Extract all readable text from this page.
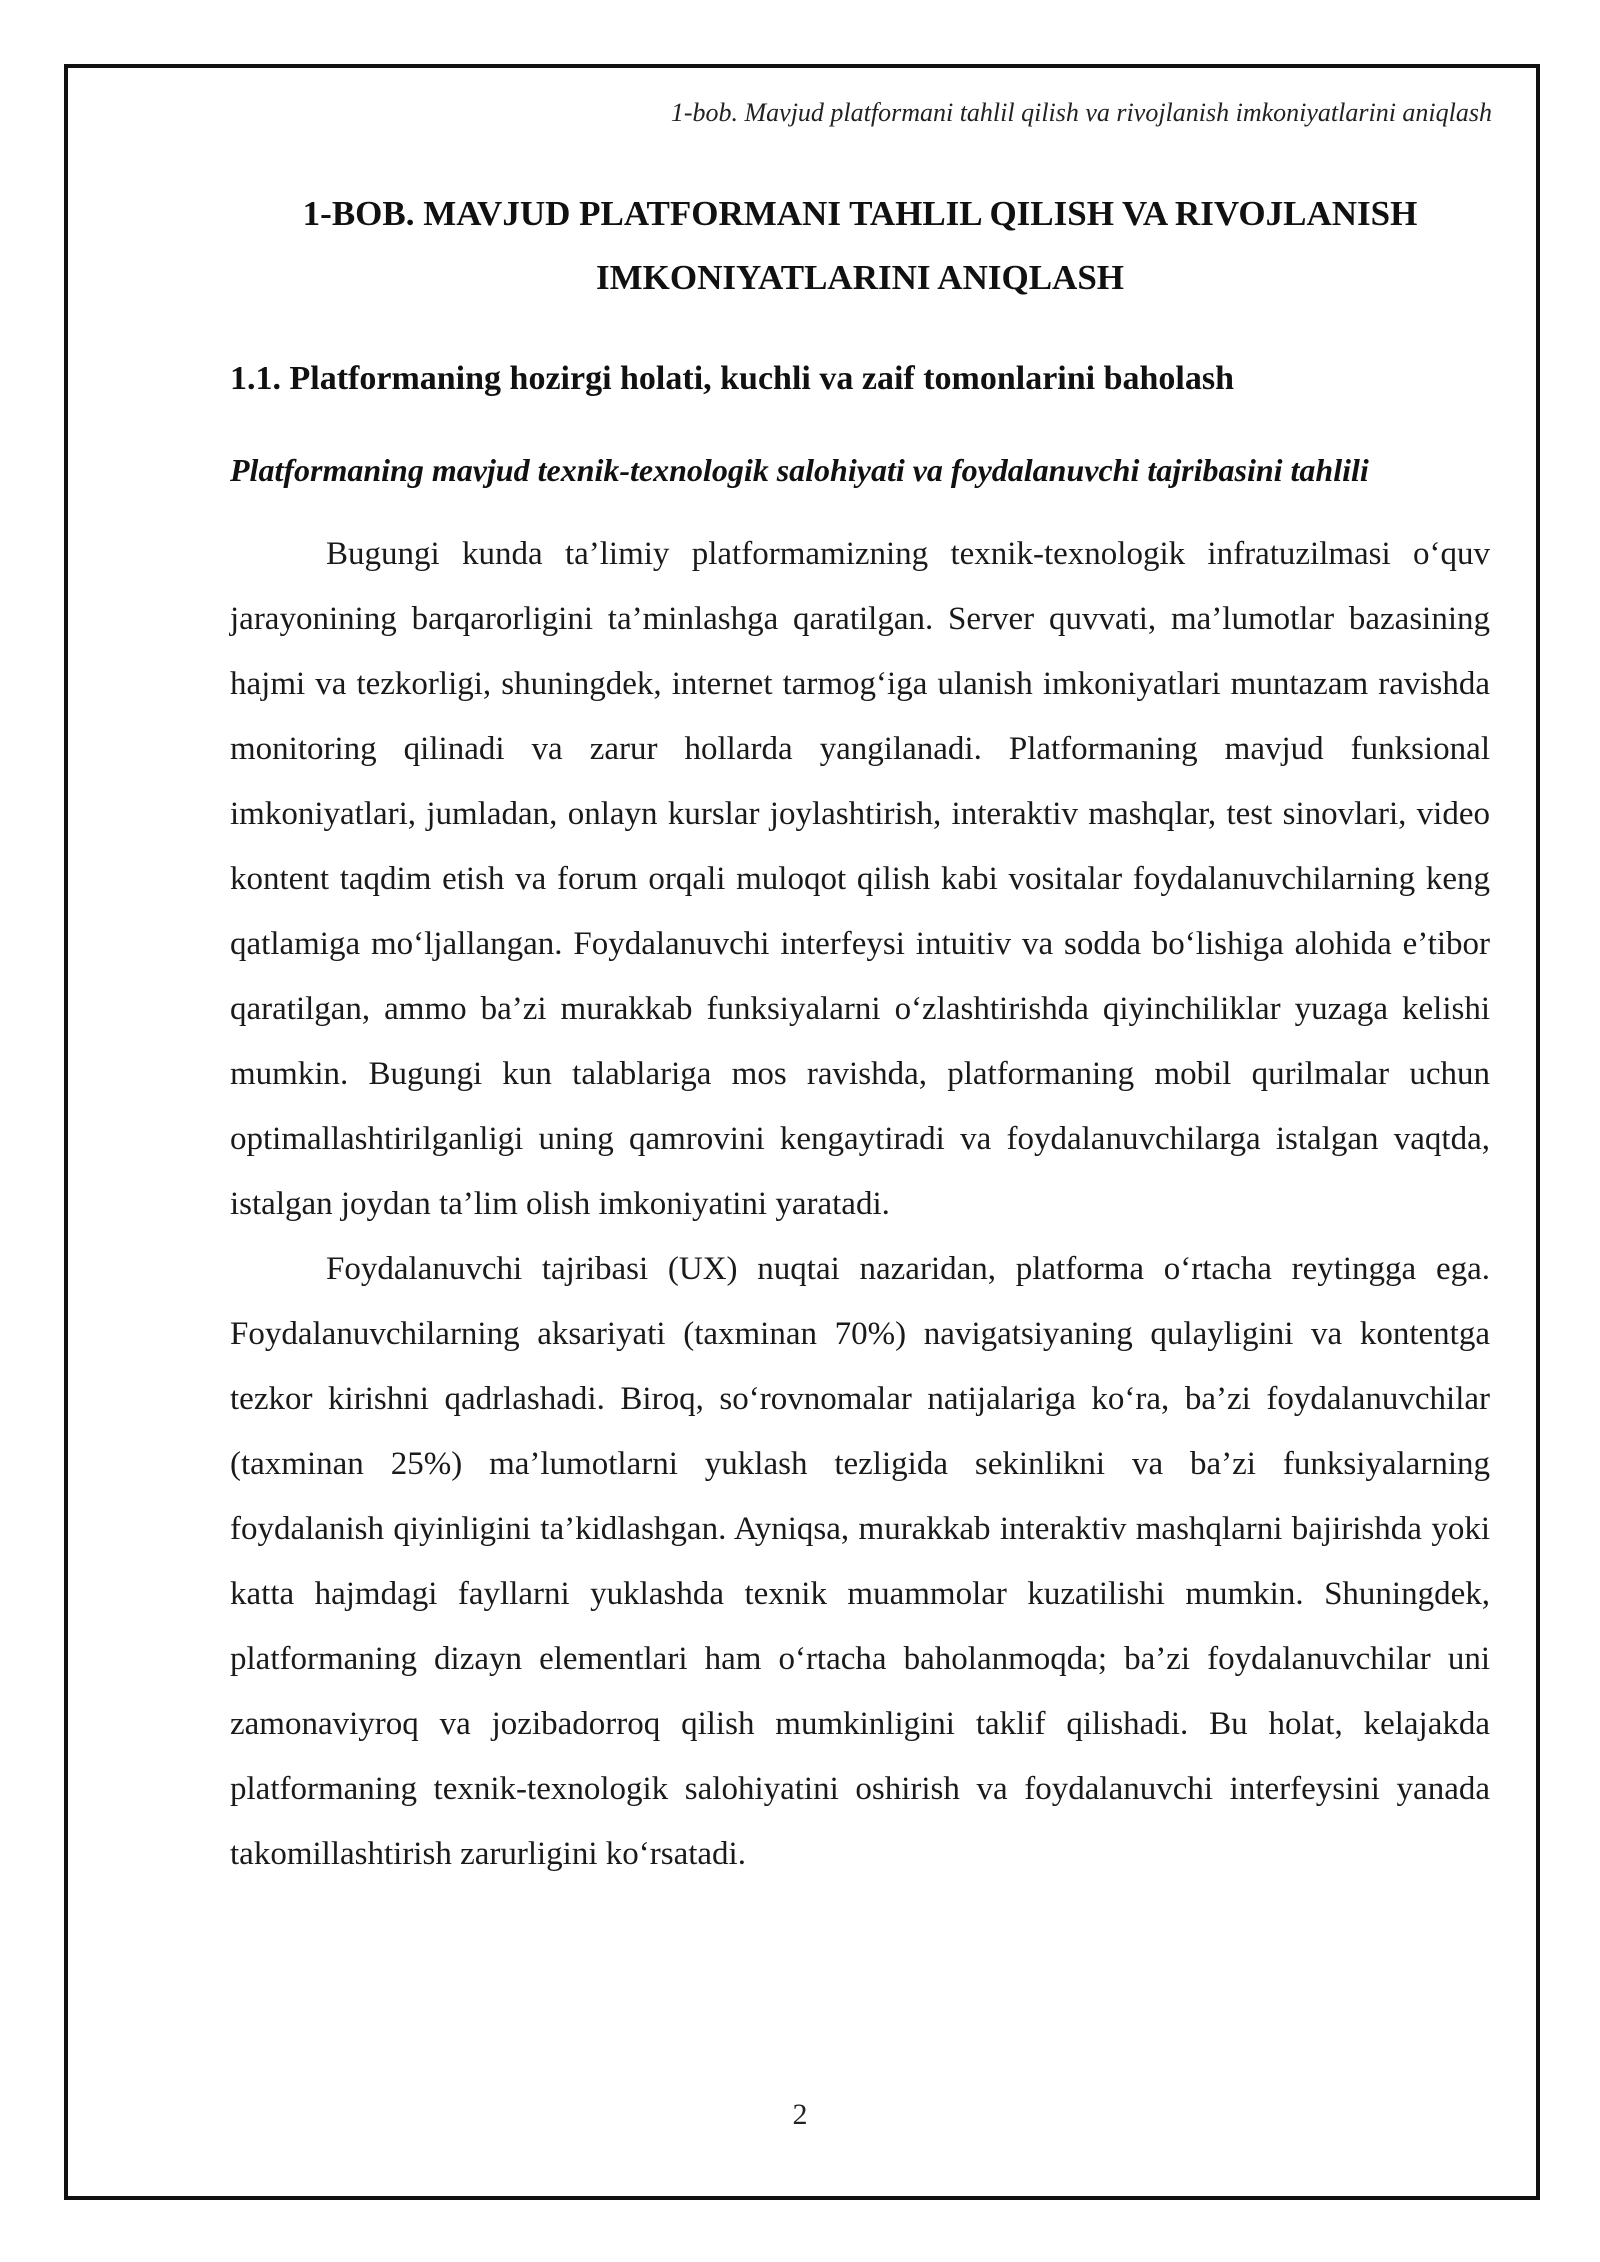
1-bob. Mavjud platformani tahlil qilish va rivojlanish imkoniyatlarini aniqlash
1-BOB. MAVJUD PLATFORMANI TAHLIL QILISH VA RIVOJLANISH
IMKONIYATLARINI ANIQLASH
1.1. Platformaning hozirgi holati, kuchli va zaif tomonlarini baholash
Platformaning mavjud texnik-texnologik salohiyati va foydalanuvchi tajribasini tahlili

Bugungi kunda ta’limiy platformamizning texnik-texnologik infratuzilmasi o‘quv jarayonining barqarorligini ta’minlashga qaratilgan. Server quvvati, ma’lumotlar bazasining hajmi va tezkorligi, shuningdek, internet tarmog‘iga ulanish imkoniyatlari muntazam ravishda monitoring qilinadi va zarur hollarda yangilanadi. Platformaning mavjud funksional imkoniyatlari, jumladan, onlayn kurslar joylashtirish, interaktiv mashqlar, test sinovlari, video kontent taqdim etish va forum orqali muloqot qilish kabi vositalar foydalanuvchilarning keng qatlamiga mo‘ljallangan. Foydalanuvchi interfeysi intuitiv va sodda bo‘lishiga alohida e’tibor qaratilgan, ammo ba’zi murakkab funksiyalarni o‘zlashtirishda qiyinchiliklar yuzaga kelishi mumkin. Bugungi kun talablariga mos ravishda, platformaning mobil qurilmalar uchun optimallashtirilganligi uning qamrovini kengaytiradi va foydalanuvchilarga istalgan vaqtda, istalgan joydan ta’lim olish imkoniyatini yaratadi.

Foydalanuvchi tajribasi (UX) nuqtai nazaridan, platforma o‘rtacha reytingga ega. Foydalanuvchilarning aksariyati (taxminan 70%) navigatsiyaning qulayligini va kontentga tezkor kirishni qadrlashadi. Biroq, so‘rovnomalar natijalariga ko‘ra, ba’zi foydalanuvchilar (taxminan 25%) ma’lumotlarni yuklash tezligida sekinlikni va ba’zi funksiyalarning foydalanish qiyinligini ta’kidlashgan. Ayniqsa, murakkab interaktiv mashqlarni bajirishda yoki katta hajmdagi fayllarni yuklashda texnik muammolar kuzatilishi mumkin. Shuningdek, platformaning dizayn elementlari ham o‘rtacha baholanmoqda; ba’zi foydalanuvchilar uni zamonaviyroq va jozibadorroq qilish mumkinligini taklif qilishadi. Bu holat, kelajakda platformaning texnik-texnologik salohiyatini oshirish va foydalanuvchi interfeysini yanada takomillashtirish zarurligini ko‘rsatadi.

2
